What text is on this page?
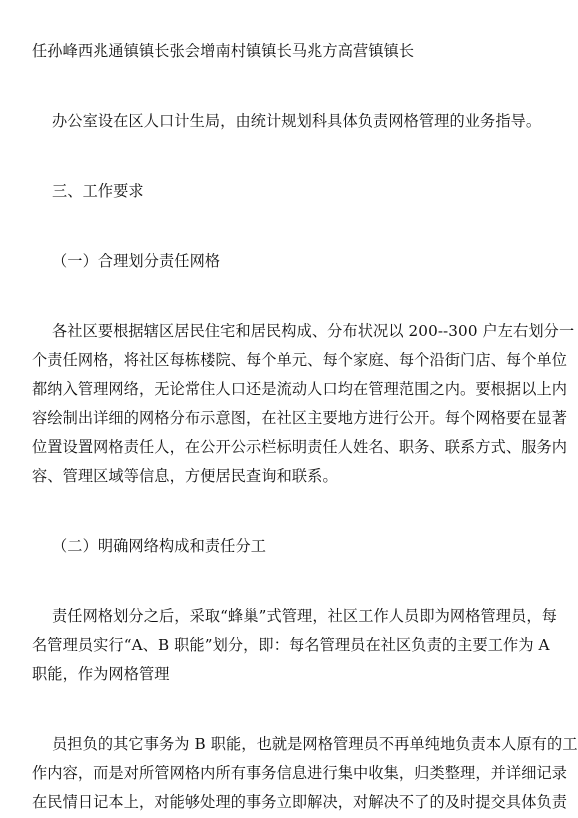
任孙峰西兆通镇镇长张会增南村镇镇长马兆方高营镇镇长

办公室设在区人口计生局，由统计规划科具体负责网格管理的业务指导。

三、工作要求

（一）合理划分责任网格

各社区要根据辖区居民住宅和居民构成、分布状况以 200--300 户左右划分一

个责任网格，将社区每栋楼院、每个单元、每个家庭、每个沿街门店、每个单位

都纳入管理网络，无论常住人口还是流动人口均在管理范围之内。要根据以上内

容绘制出详细的网格分布示意图，在社区主要地方进行公开。每个网格要在显著

位置设置网格责任人，在公开公示栏标明责任人姓名、职务、联系方式、服务内

容、管理区域等信息，方便居民查询和联系。

（二）明确网络构成和责任分工

责任网格划分之后，采取“蜂巢”式管理，社区工作人员即为网格管理员，每

名管理员实行“A、B 职能”划分，即：每名管理员在社区负责的主要工作为 A

职能，作为网格管理

员担负的其它事务为 B 职能，也就是网格管理员不再单纯地负责本人原有的工

作内容，而是对所管网格内所有事务信息进行集中收集，归类整理，并详细记录

在民情日记本上，对能够处理的事务立即解决，对解决不了的及时提交具体负责
